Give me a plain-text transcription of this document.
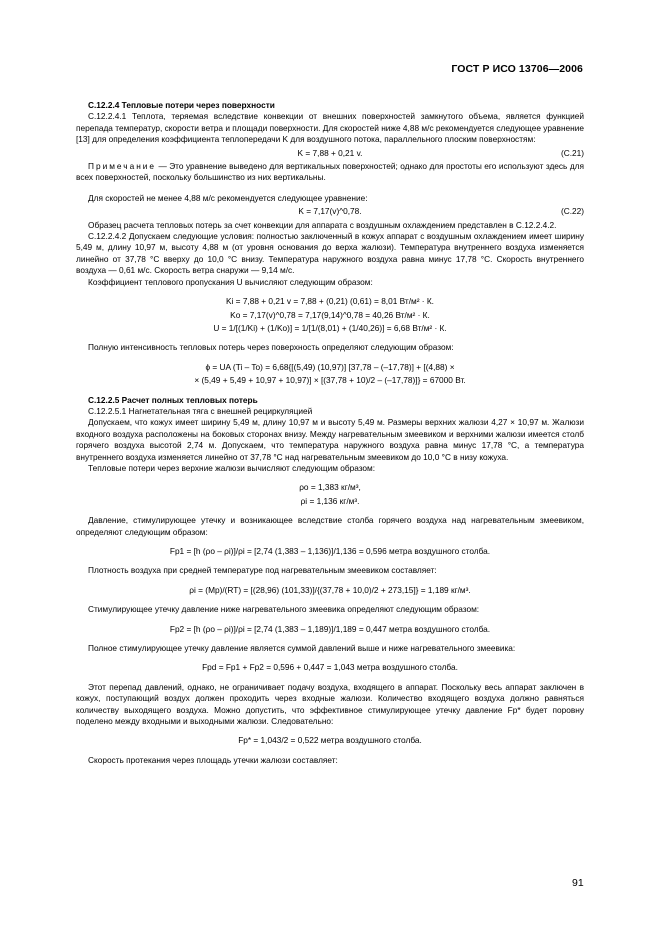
ГОСТ Р ИСО 13706—2006

С.12.2.4 Тепловые потери через поверхности

С.12.2.4.1 Теплота, теряемая вследствие конвекции от внешних поверхностей замкнутого объема, является функцией перепада температур, скорости ветра и площади поверхности. Для скоростей ниже 4,88 м/с рекомендуется следующее уравнение [13] для определения коэффициента теплопередачи K для воздушного потока, параллельного плоским поверхностям:

K = 7,88 + 0,21 v.	(С.21)

Примечание — Это уравнение выведено для вертикальных поверхностей; однако для простоты его используют здесь для всех поверхностей, поскольку большинство из них вертикальны.

Для скоростей не менее 4,88 м/с рекомендуется следующее уравнение:

K = 7,17(v)^0,78.	(С.22)

Образец расчета тепловых потерь за счет конвекции для аппарата с воздушным охлаждением представлен в С.12.2.4.2.

С.12.2.4.2 Допускаем следующие условия: полностью заключенный в кожух аппарат с воздушным охлаждением имеет ширину 5,49 м, длину 10,97 м, высоту 4,88 м (от уровня основания до верха жалюзи). Температура внутреннего воздуха изменяется линейно от 37,78 °С вверху до 10,0 °С внизу. Температура наружного воздуха равна минус 17,78 °С. Скорость внутреннего воздуха — 0,61 м/с. Скорость ветра снаружи — 9,14 м/с.

Коэффициент теплового пропускания U вычисляют следующим образом:

Ki = 7,88 + 0,21 v = 7,88 + (0,21) (0,61) = 8,01 Вт/м² · К.
Ko = 7,17(v)^0,78 = 7,17(9,14)^0,78 = 40,26 Вт/м² · К.
U = 1/[(1/Ki) + (1/Ko)] = 1/[1/(8,01) + (1/40,26)] = 6,68 Вт/м² · К.

Полную интенсивность тепловых потерь через поверхность определяют следующим образом:

ϕ = UA (Ti – To) = 6,68{[(5,49) (10,97)] [37,78 – (–17,78)] + [(4,88) ×
× (5,49 + 5,49 + 10,97 + 10,97)] × [(37,78 + 10)/2 – (–17,78)]} = 67000 Вт.

С.12.2.5 Расчет полных тепловых потерь

С.12.2.5.1 Нагнетательная тяга с внешней рециркуляцией

Допускаем, что кожух имеет ширину 5,49 м, длину 10,97 м и высоту 5,49 м. Размеры верхних жалюзи 4,27 × 10,97 м. Жалюзи входного воздуха расположены на боковых сторонах внизу. Между нагревательным змеевиком и верхними жалюзи имеется столб горячего воздуха высотой 2,74 м. Допускаем, что температура наружного воздуха равна минус 17,78 °С, а температура внутреннего воздуха изменяется линейно от 37,78 °С над нагревательным змеевиком до 10,0 °С в низу кожуха.

Тепловые потери через верхние жалюзи вычисляют следующим образом:

ρo = 1,383 кг/м³,
ρi = 1,136 кг/м³.

Давление, стимулирующее утечку и возникающее вследствие столба горячего воздуха над нагревательным змеевиком, определяют следующим образом:

Fp1 = [h (ρo – ρi)]/ρi = [2,74 (1,383 – 1,136)]/1,136 = 0,596 метра воздушного столба.

Плотность воздуха при средней температуре под нагревательным змеевиком составляет:

ρi = (Mp)/(RT) = [(28,96) (101,33)]/{(37,78 + 10,0)/2 + 273,15]} = 1,189 кг/м³.

Стимулирующее утечку давление ниже нагревательного змеевика определяют следующим образом:

Fp2 = [h (ρo – ρi)]/ρi = [2,74 (1,383 – 1,189)]/1,189 = 0,447 метра воздушного столба.

Полное стимулирующее утечку давление является суммой давлений выше и ниже нагревательного змеевика:

Fpd = Fp1 + Fp2 = 0,596 + 0,447 = 1,043 метра воздушного столба.

Этот перепад давлений, однако, не ограничивает подачу воздуха, входящего в аппарат. Поскольку весь аппарат заключен в кожух, поступающий воздух должен проходить через входные жалюзи. Количество входящего воздуха должно равняться количеству выходящего воздуха. Можно допустить, что эффективное стимулирующее утечку давление Fp* будет поровну поделено между входными и выходными жалюзи. Следовательно:

Fp* = 1,043/2 = 0,522 метра воздушного столба.

Скорость протекания через площадь утечки жалюзи составляет:

91
